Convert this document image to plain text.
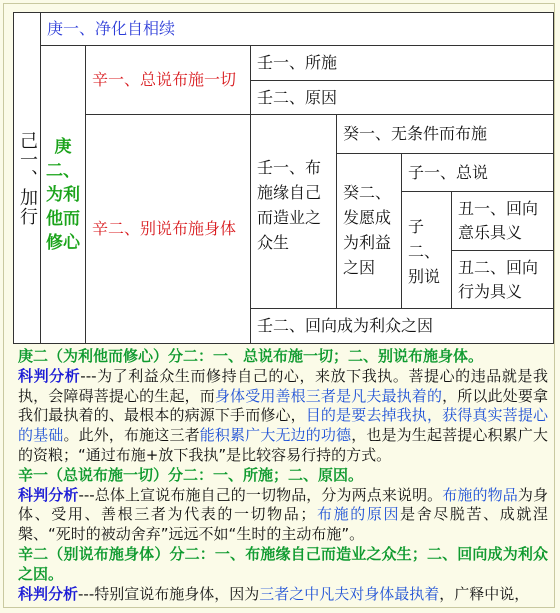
己一、加行
庚一、净化自相续
庚二、为利他而修心
辛一、总说布施一切
壬一、所施
壬二、原因
辛二、别说布施身体
壬一、布施缘自己而造业之众生
癸一、无条件而布施
癸二、发愿成为利益之因
子一、总说
子二、别说
丑一、回向意乐具义
丑二、回向行为具义
壬二、回向成为利众之因

庚二（为利他而修心）分二：一、总说布施一切；二、别说布施身体。

科判分析---为了利益众生而修持自己的心，来放下我执。菩提心的违品就是我执，会障碍菩提心的生起，而身体受用善根三者是凡夫最执着的，所以此处要拿我们最执着的、最根本的病源下手而修心，目的是要去掉我执，获得真实菩提心的基础。此外，布施这三者能积累广大无边的功德，也是为生起菩提心积累广大的资粮；“通过布施+放下我执”是比较容易行持的方式。

辛一（总说布施一切）分二：一、所施；二、原因。

科判分析---总体上宣说布施自己的一切物品，分为两点来说明。布施的物品为身体、受用、善根三者为代表的一切物品；布施的原因是舍尽脱苦、成就涅槃、“死时的被动舍弃”远远不如“生时的主动布施”。

辛二（别说布施身体）分二：一、布施缘自己而造业之众生；二、回向成为利众之因。

科判分析---特别宣说布施身体，因为三者之中凡夫对身体最执着，广释中说，
